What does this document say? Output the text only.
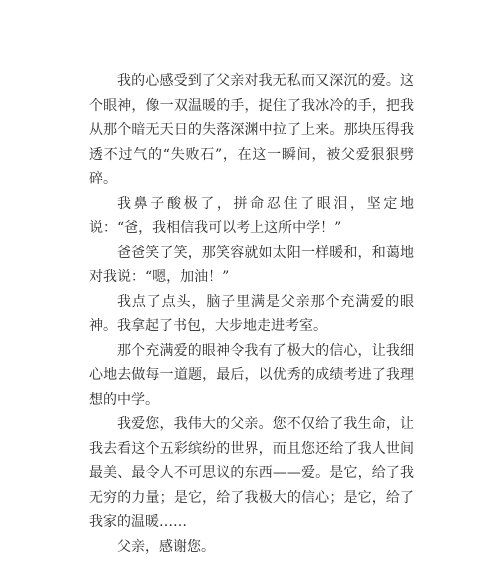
我的心感受到了父亲对我无私而又深沉的爱。这个眼神，像一双温暖的手，捉住了我冰冷的手，把我从那个暗无天日的失落深渊中拉了上来。那块压得我透不过气的“失败石”，在这一瞬间，被父爱狠狠劈碎。

我鼻子酸极了，拼命忍住了眼泪，坚定地说：“爸，我相信我可以考上这所中学！”

爸爸笑了笑，那笑容就如太阳一样暖和，和蔼地对我说：“嗯，加油！”

我点了点头，脑子里满是父亲那个充满爱的眼神。我拿起了书包，大步地走进考室。

那个充满爱的眼神令我有了极大的信心，让我细心地去做每一道题，最后，以优秀的成绩考进了我理想的中学。

我爱您，我伟大的父亲。您不仅给了我生命，让我去看这个五彩缤纷的世界，而且您还给了我人世间最美、最令人不可思议的东西——爱。是它，给了我无穷的力量；是它，给了我极大的信心；是它，给了我家的温暖……

父亲，感谢您。
